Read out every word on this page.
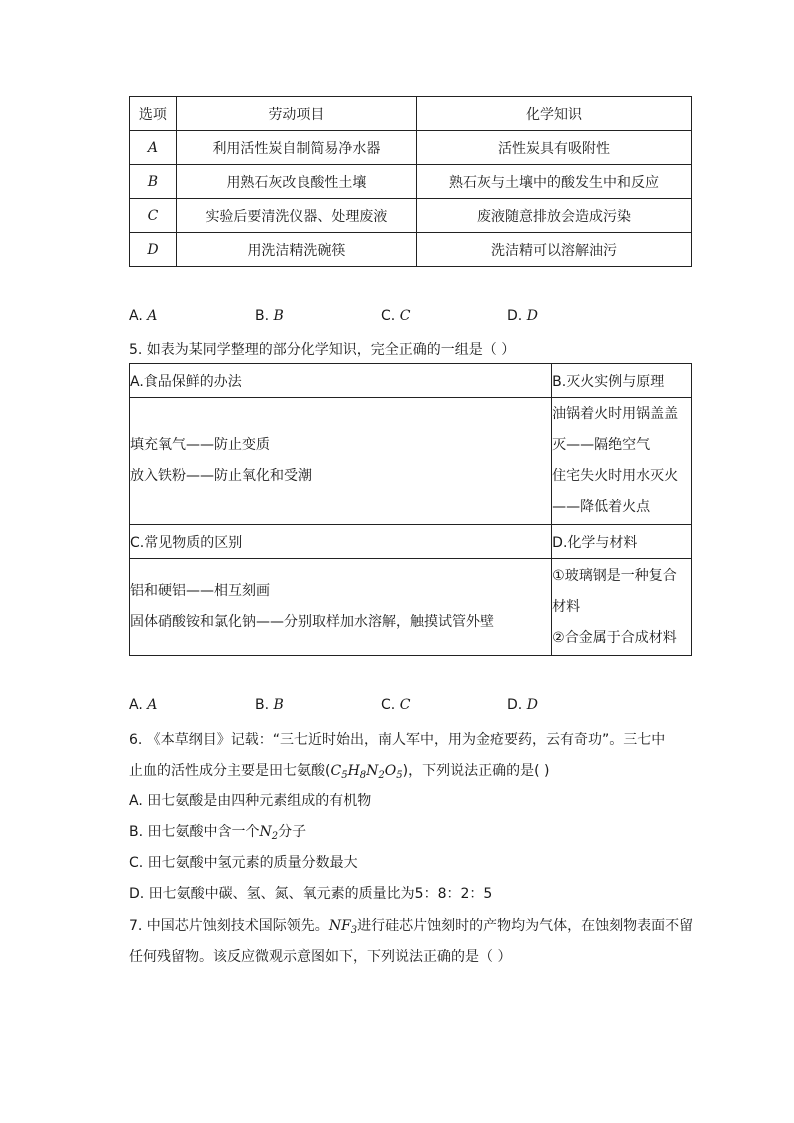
选项	劳动项目	化学知识
A	利用活性炭自制简易净水器	活性炭具有吸附性
B	用熟石灰改良酸性土壤	熟石灰与土壤中的酸发生中和反应
C	实验后要清洗仪器、处理废液	废液随意排放会造成污染
D	用洗洁精洗碗筷	洗洁精可以溶解油污
A. A	B. B	C. C	D. D
5. 如表为某同学整理的部分化学知识，完全正确的一组是（ ）
A.食品保鲜的办法	B.灭火实例与原理

填充氧气——防止变质
放入铁粉——防止氧化和受潮	油锅着火时用锅盖盖
灭——隔绝空气
住宅失火时用水灭火
——降低着火点

C.常见物质的区别	D.化学与材料

铝和硬铝——相互刻画
固体硝酸铵和氯化钠——分别取样加水溶解，触摸试管外壁	①玻璃钢是一种复合
材料
②合金属于合成材料
A. A	B. B	C. C	D. D
6. 《本草纲目》记载：“三七近时始出，南人军中，用为金疮要药，云有奇功”。三七中
止血的活性成分主要是田七氨酸$(C_5H_8N_2O_5)$，下列说法正确的是( )
A. 田七氨酸是由四种元素组成的有机物
B. 田七氨酸中含一个$N_2$分子
C. 田七氨酸中氢元素的质量分数最大
D. 田七氨酸中碳、氢、氮、氧元素的质量比为5：8：2：5
7. 中国芯片蚀刻技术国际领先。$NF_3$进行硅芯片蚀刻时的产物均为气体，在蚀刻物表面不留
任何残留物。该反应微观示意图如下，下列说法正确的是（ ）
